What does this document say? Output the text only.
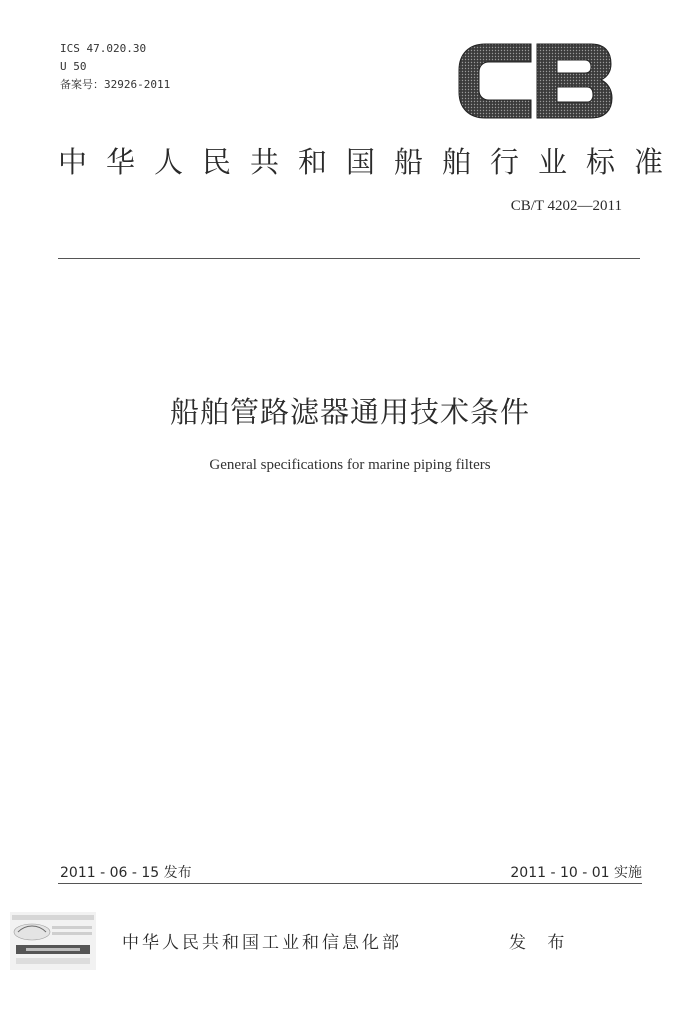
ICS 47.020.30
U 50
备案号：32926-2011
中华人民共和国船舶行业标准
CB/T 4202—2011
船舶管路滤器通用技术条件
General specifications for marine piping filters
2011 - 06 - 15 发布	2011 - 10 - 01 实施
中华人民共和国工业和信息化部	发 布
